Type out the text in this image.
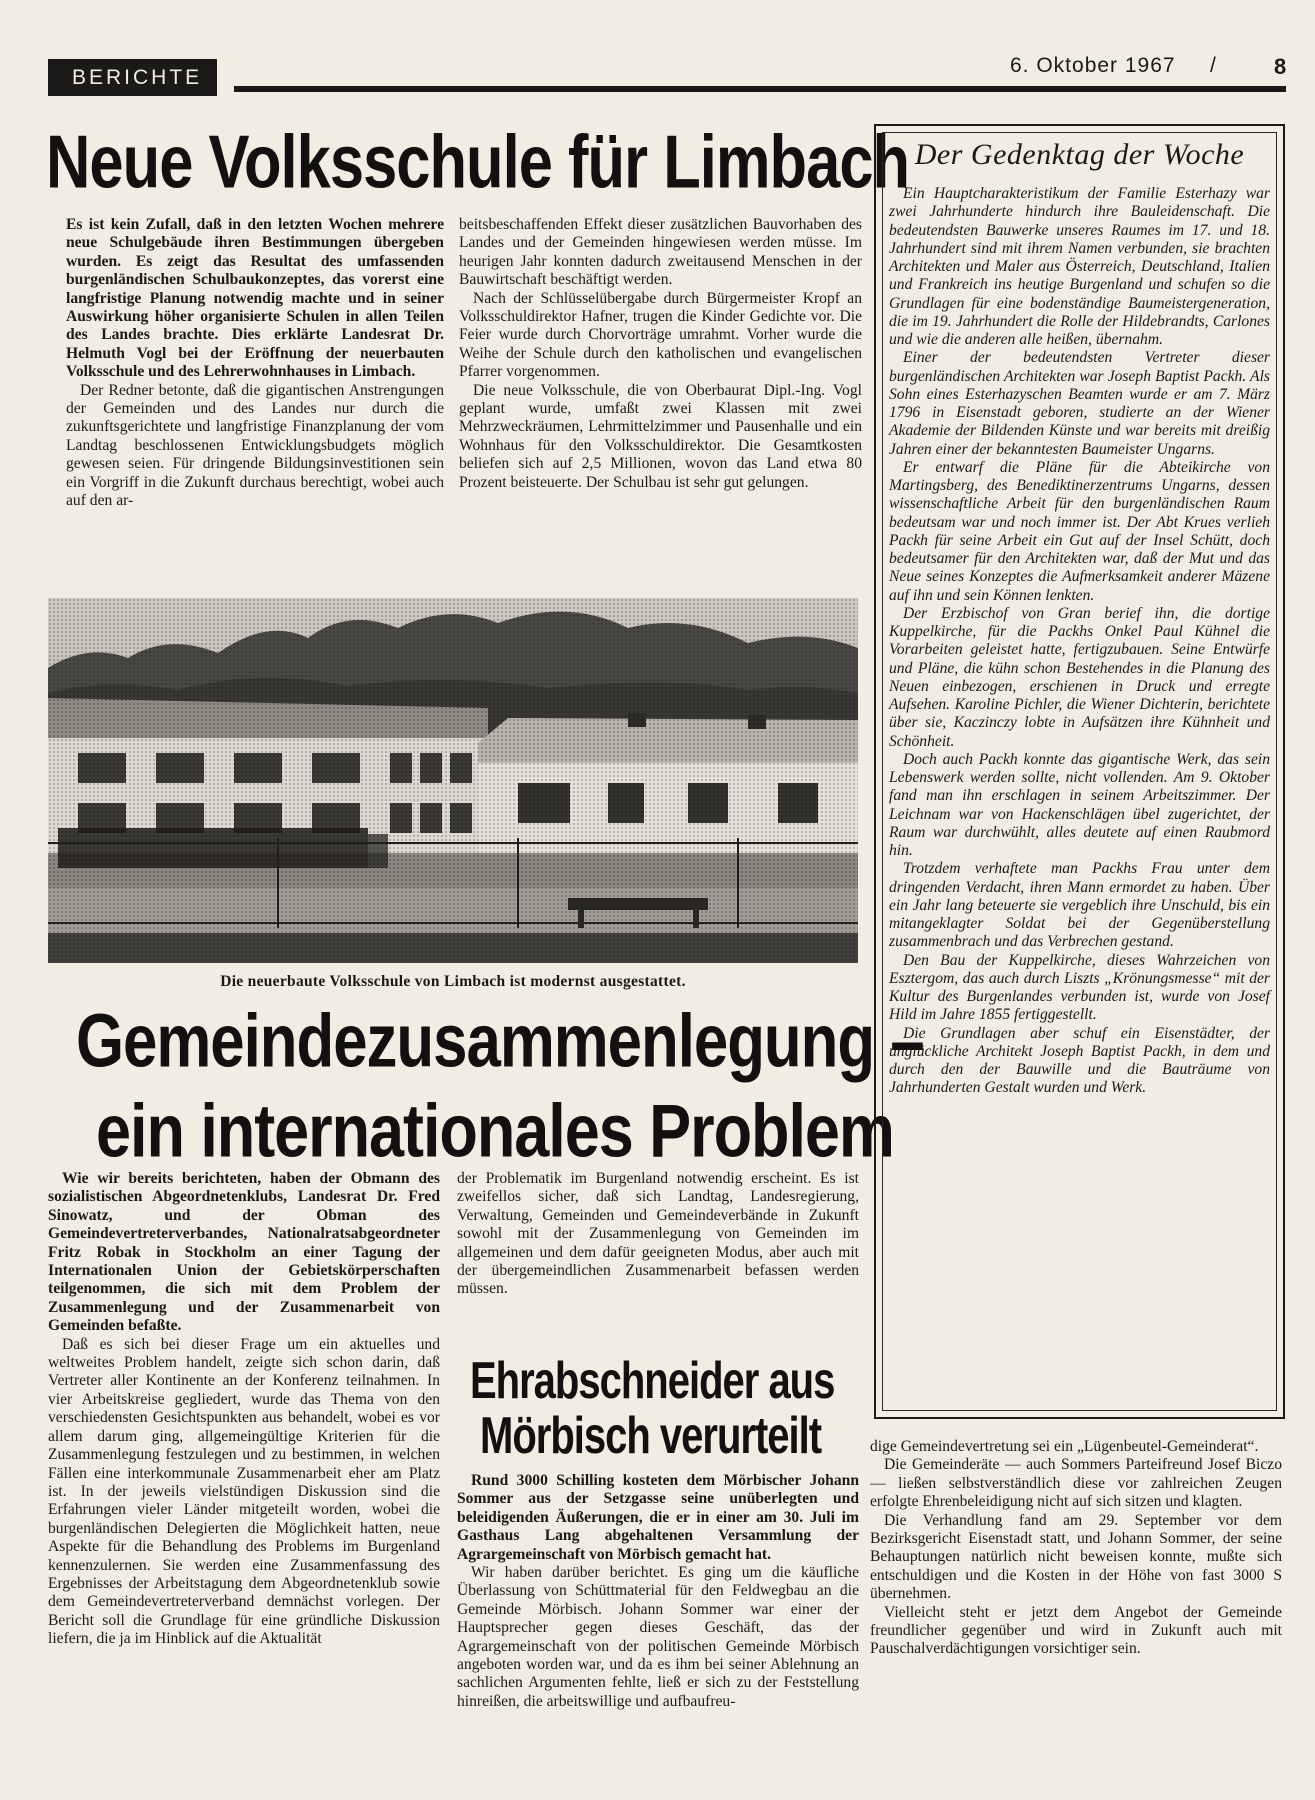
BERICHTE	6. Oktober 1967 /	8
Neue Volksschule für Limbach

Es ist kein Zufall, daß in den letzten Wochen mehrere neue Schulgebäude ihren Bestimmungen übergeben wurden. Es zeigt das Resultat des umfassenden burgenländischen Schulbaukonzeptes, das vorerst eine langfristige Planung notwendig machte und in seiner Auswirkung höher organisierte Schulen in allen Teilen des Landes brachte. Dies erklärte Landesrat Dr. Helmuth Vogl bei der Eröffnung der neuerbauten Volksschule und des Lehrerwohnhauses in Limbach.

Der Redner betonte, daß die gigantischen Anstrengungen der Gemeinden und des Landes nur durch die zukunftsgerichtete und langfristige Finanzplanung der vom Landtag beschlossenen Entwicklungsbudgets möglich gewesen seien. Für dringende Bildungsinvestitionen sein ein Vorgriff in die Zukunft durchaus berechtigt, wobei auch auf den ar-

beitsbeschaffenden Effekt dieser zusätzlichen Bauvorhaben des Landes und der Gemeinden hingewiesen werden müsse. Im heurigen Jahr konnten dadurch zweitausend Menschen in der Bauwirtschaft beschäftigt werden.

Nach der Schlüsselübergabe durch Bürgermeister Kropf an Volksschuldirektor Hafner, trugen die Kinder Gedichte vor. Die Feier wurde durch Chorvorträge umrahmt. Vorher wurde die Weihe der Schule durch den katholischen und evangelischen Pfarrer vorgenommen.

Die neue Volksschule, die von Oberbaurat Dipl.-Ing. Vogl geplant wurde, umfaßt zwei Klassen mit zwei Mehrzweckräumen, Lehrmittelzimmer und Pausenhalle und ein Wohnhaus für den Volksschuldirektor. Die Gesamtkosten beliefen sich auf 2,5 Millionen, wovon das Land etwa 80 Prozent beisteuerte. Der Schulbau ist sehr gut gelungen.

Die neuerbaute Volksschule von Limbach ist modernst ausgestattet.
Gemeindezusammenlegung –
ein internationales Problem

Wie wir bereits berichteten, haben der Obmann des sozialistischen Abgeordnetenklubs, Landesrat Dr. Fred Sinowatz, und der Obman des Gemeindevertreterverbandes, Nationalratsabgeordneter Fritz Robak in Stockholm an einer Tagung der Internationalen Union der Gebietskörperschaften teilgenommen, die sich mit dem Problem der Zusammenlegung und der Zusammenarbeit von Gemeinden befaßte.

Daß es sich bei dieser Frage um ein aktuelles und weltweites Problem handelt, zeigte sich schon darin, daß Vertreter aller Kontinente an der Konferenz teilnahmen. In vier Arbeitskreise gegliedert, wurde das Thema von den verschiedensten Gesichtspunkten aus behandelt, wobei es vor allem darum ging, allgemeingültige Kriterien für die Zusammenlegung festzulegen und zu bestimmen, in welchen Fällen eine interkommunale Zusammenarbeit eher am Platz ist. In der jeweils vielstündigen Diskussion sind die Erfahrungen vieler Länder mitgeteilt worden, wobei die burgenländischen Delegierten die Möglichkeit hatten, neue Aspekte für die Behandlung des Problems im Burgenland kennenzulernen. Sie werden eine Zusammenfassung des Ergebnisses der Arbeitstagung dem Abgeordnetenklub sowie dem Gemeindevertreterverband demnächst vorlegen. Der Bericht soll die Grundlage für eine gründliche Diskussion liefern, die ja im Hinblick auf die Aktualität

der Problematik im Burgenland notwendig erscheint. Es ist zweifellos sicher, daß sich Landtag, Landesregierung, Verwaltung, Gemeinden und Gemeindeverbände in Zukunft sowohl mit der Zusammenlegung von Gemeinden im allgemeinen und dem dafür geeigneten Modus, aber auch mit der übergemeindlichen Zusammenarbeit befassen werden müssen.

Ehrabschneider aus
Mörbisch verurteilt

Rund 3000 Schilling kosteten dem Mörbischer Johann Sommer aus der Setzgasse seine unüberlegten und beleidigenden Äußerungen, die er in einer am 30. Juli im Gasthaus Lang abgehaltenen Versammlung der Agrargemeinschaft von Mörbisch gemacht hat.

Wir haben darüber berichtet. Es ging um die käufliche Überlassung von Schüttmaterial für den Feldwegbau an die Gemeinde Mörbisch. Johann Sommer war einer der Hauptsprecher gegen dieses Geschäft, das der Agrargemeinschaft von der politischen Gemeinde Mörbisch angeboten worden war, und da es ihm bei seiner Ablehnung an sachlichen Argumenten fehlte, ließ er sich zu der Feststellung hinreißen, die arbeitswillige und aufbaufreu-

dige Gemeindevertretung sei ein „Lügenbeutel-Gemeinderat“.

Die Gemeinderäte — auch Sommers Parteifreund Josef Biczo — ließen selbstverständlich diese vor zahlreichen Zeugen erfolgte Ehrenbeleidigung nicht auf sich sitzen und klagten.

Die Verhandlung fand am 29. September vor dem Bezirksgericht Eisenstadt statt, und Johann Sommer, der seine Behauptungen natürlich nicht beweisen konnte, mußte sich entschuldigen und die Kosten in der Höhe von fast 3000 S übernehmen.

Vielleicht steht er jetzt dem Angebot der Gemeinde freundlicher gegenüber und wird in Zukunft auch mit Pauschalverdächtigungen vorsichtiger sein.

Der Gedenktag der Woche

Ein Hauptcharakteristikum der Familie Esterhazy war zwei Jahrhunderte hindurch ihre Bauleidenschaft. Die bedeutendsten Bauwerke unseres Raumes im 17. und 18. Jahrhundert sind mit ihrem Namen verbunden, sie brachten Architekten und Maler aus Österreich, Deutschland, Italien und Frankreich ins heutige Burgenland und schufen so die Grundlagen für eine bodenständige Baumeistergeneration, die im 19. Jahrhundert die Rolle der Hildebrandts, Carlones und wie die anderen alle heißen, übernahm.

Einer der bedeutendsten Vertreter dieser burgenländischen Architekten war Joseph Baptist Packh. Als Sohn eines Esterhazyschen Beamten wurde er am 7. März 1796 in Eisenstadt geboren, studierte an der Wiener Akademie der Bildenden Künste und war bereits mit dreißig Jahren einer der bekanntesten Baumeister Ungarns.

Er entwarf die Pläne für die Abteikirche von Martingsberg, des Benediktinerzentrums Ungarns, dessen wissenschaftliche Arbeit für den burgenländischen Raum bedeutsam war und noch immer ist. Der Abt Krues verlieh Packh für seine Arbeit ein Gut auf der Insel Schütt, doch bedeutsamer für den Architekten war, daß der Mut und das Neue seines Konzeptes die Aufmerksamkeit anderer Mäzene auf ihn und sein Können lenkten.

Der Erzbischof von Gran berief ihn, die dortige Kuppelkirche, für die Packhs Onkel Paul Kühnel die Vorarbeiten geleistet hatte, fertigzubauen. Seine Entwürfe und Pläne, die kühn schon Bestehendes in die Planung des Neuen einbezogen, erschienen in Druck und erregte Aufsehen. Karoline Pichler, die Wiener Dichterin, berichtete über sie, Kaczinczy lobte in Aufsätzen ihre Kühnheit und Schönheit.

Doch auch Packh konnte das gigantische Werk, das sein Lebenswerk werden sollte, nicht vollenden. Am 9. Oktober fand man ihn erschlagen in seinem Arbeitszimmer. Der Leichnam war von Hackenschlägen übel zugerichtet, der Raum war durchwühlt, alles deutete auf einen Raubmord hin.

Trotzdem verhaftete man Packhs Frau unter dem dringenden Verdacht, ihren Mann ermordet zu haben. Über ein Jahr lang beteuerte sie vergeblich ihre Unschuld, bis ein mitangeklagter Soldat bei der Gegenüberstellung zusammenbrach und das Verbrechen gestand.

Den Bau der Kuppelkirche, dieses Wahrzeichen von Esztergom, das auch durch Liszts „Krönungsmesse“ mit der Kultur des Burgenlandes verbunden ist, wurde von Josef Hild im Jahre 1855 fertiggestellt.

Die Grundlagen aber schuf ein Eisenstädter, der unglückliche Architekt Joseph Baptist Packh, in dem und durch den der Bauwille und die Bauträume von Jahrhunderten Gestalt wurden und Werk.
